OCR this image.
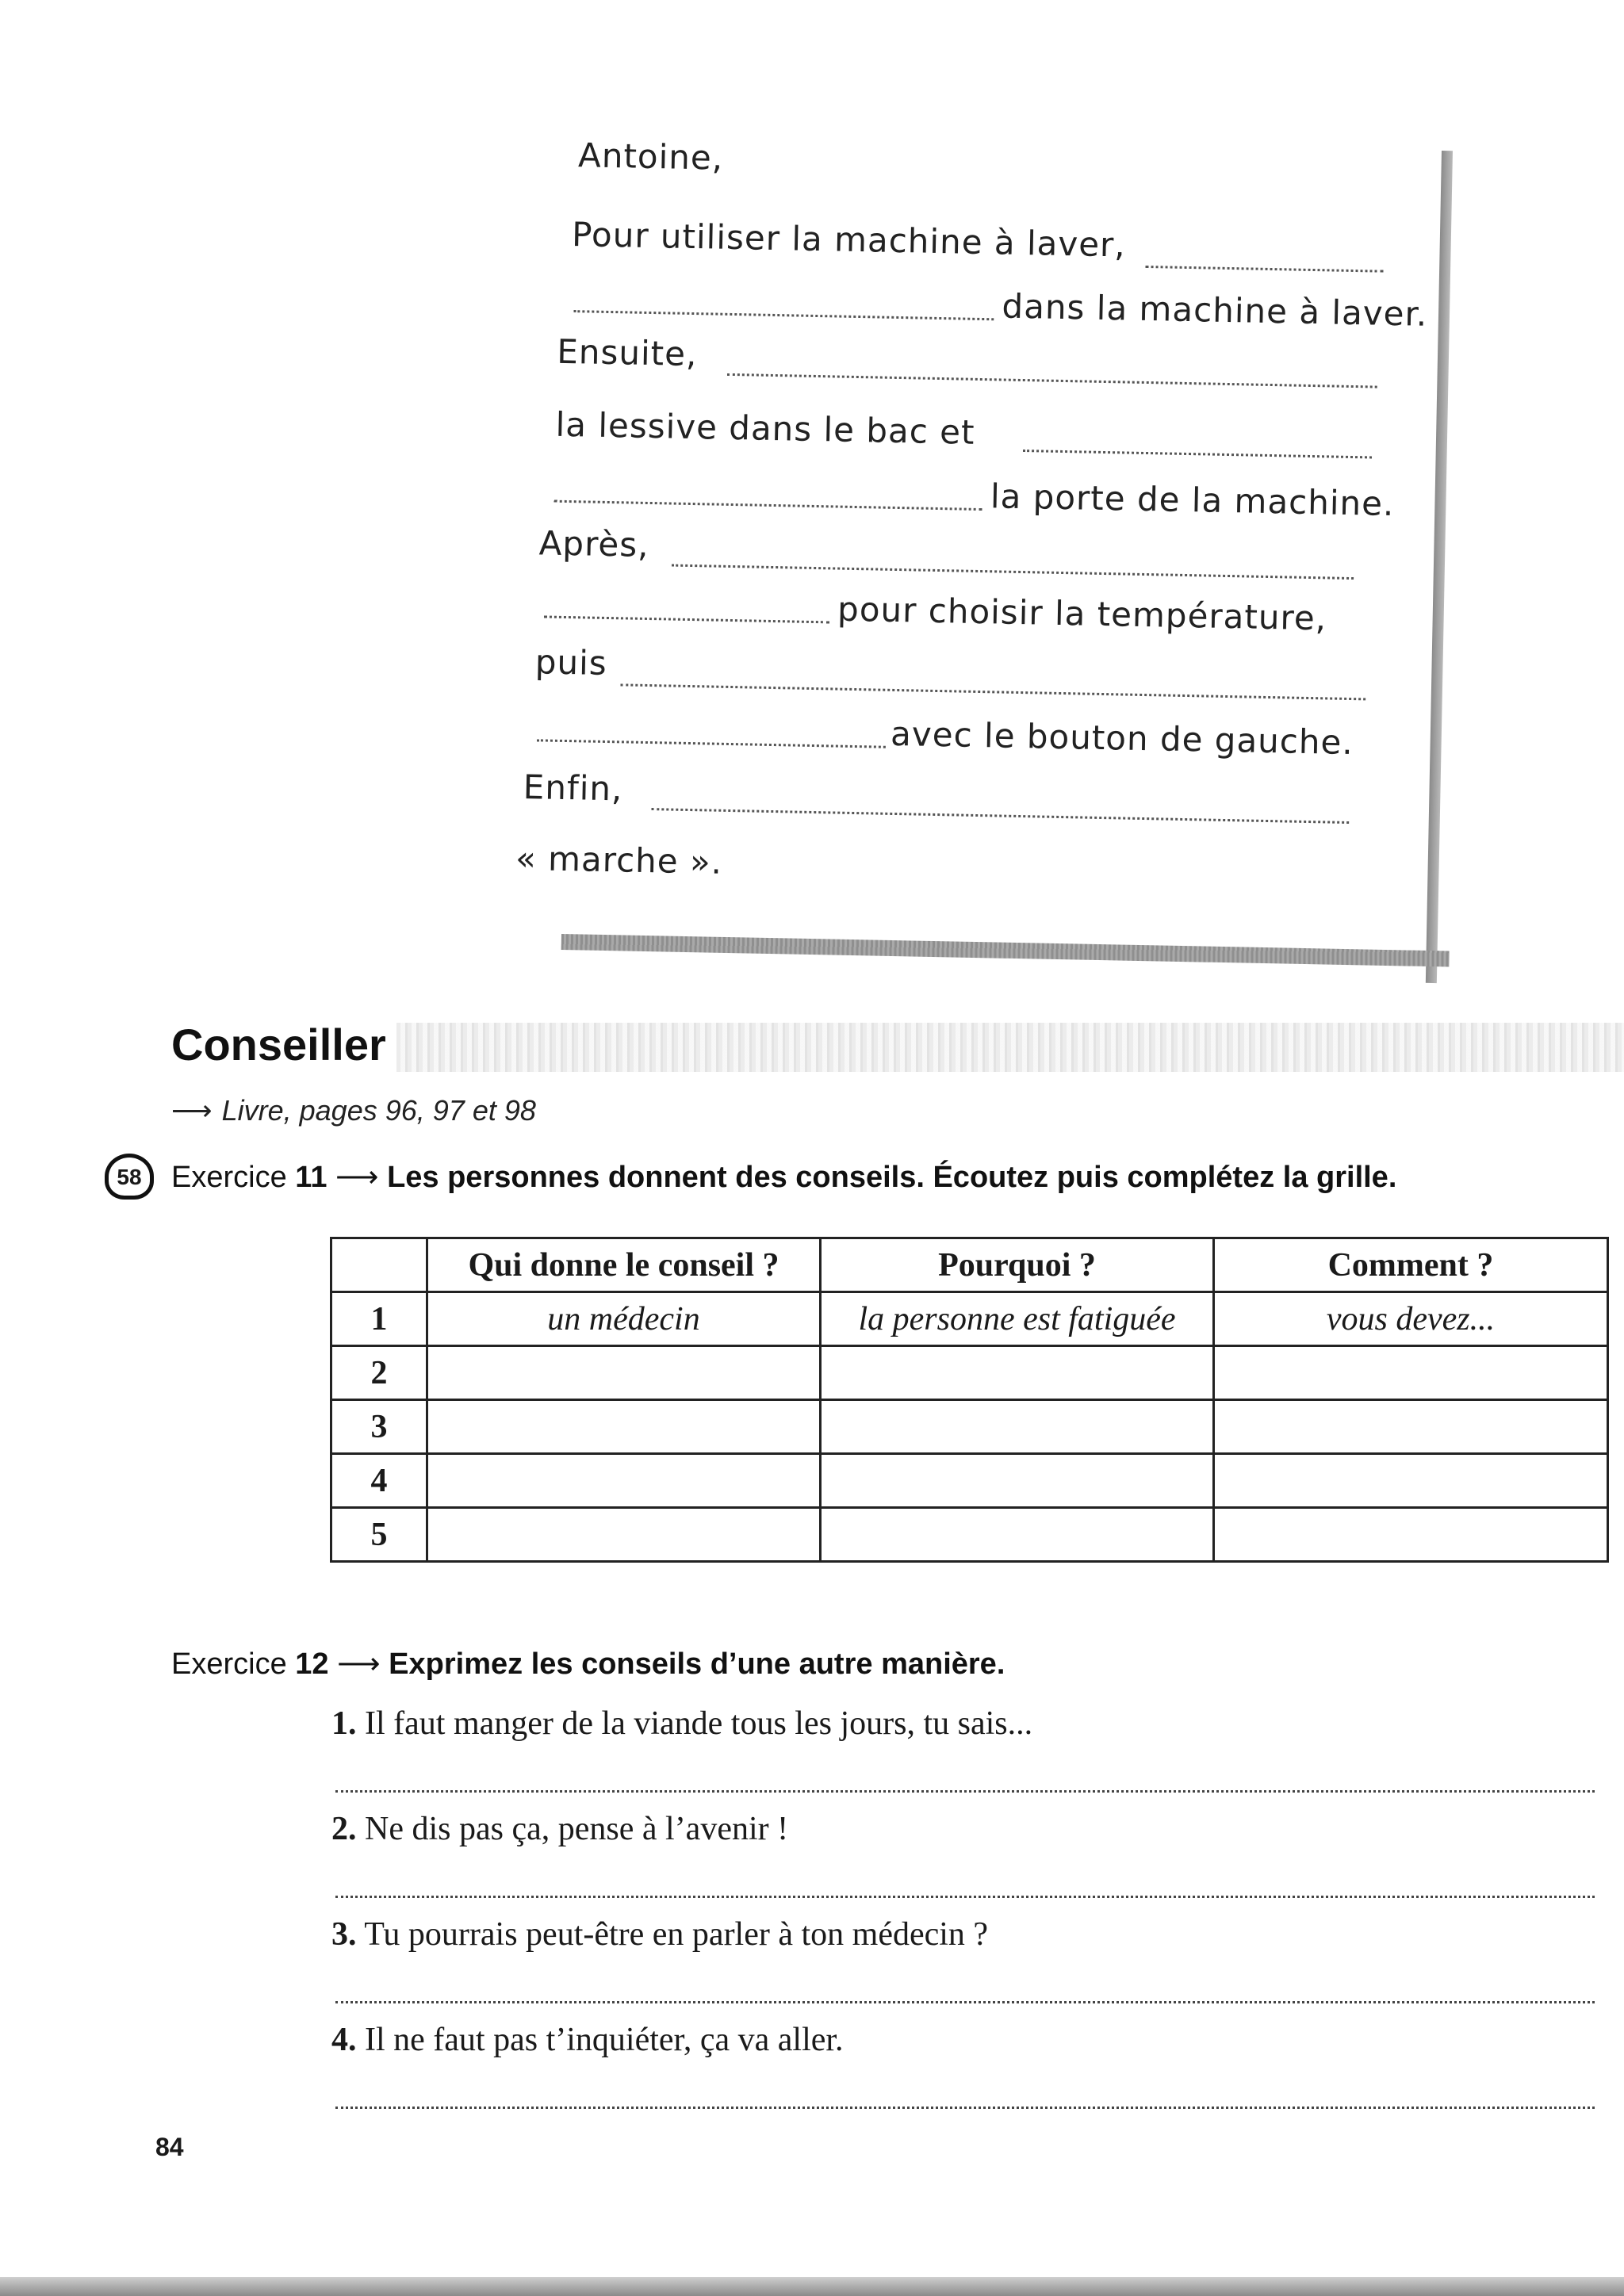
Antoine,
Pour utiliser la machine à laver,
dans la machine à laver.
Ensuite,
la lessive dans le bac et
la porte de la machine.
Après,
pour choisir la température,
puis
avec le bouton de gauche.
Enfin,
« marche ».
Conseiller
⟶ Livre, pages 96, 97 et 98
58 Exercice 11 ⟶ Les personnes donnent des conseils. Écoutez puis complétez la grille.
	Qui donne le conseil ?	Pourquoi ?	Comment ?
1	un médecin	la personne est fatiguée	vous devez...
2			
3			
4			
5			
Exercice 12 ⟶ Exprimez les conseils d’une autre manière.
1. Il faut manger de la viande tous les jours, tu sais...
2. Ne dis pas ça, pense à l’avenir !
3. Tu pourrais peut-être en parler à ton médecin ?
4. Il ne faut pas t’inquiéter, ça va aller.
84
